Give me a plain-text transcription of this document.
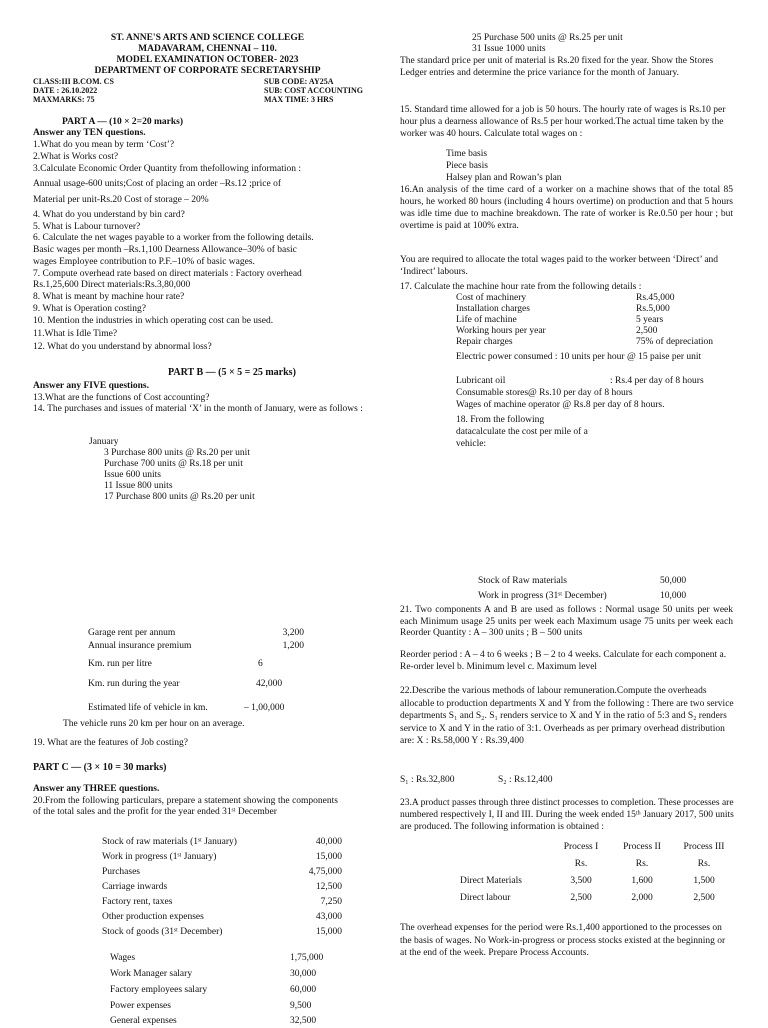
ST. ANNE'S ARTS AND SCIENCE COLLEGE
MADAVARAM, CHENNAI – 110.
MODEL EXAMINATION OCTOBER- 2023
DEPARTMENT OF CORPORATE SECRETARYSHIP
CLASS:III B.COM. CS	SUB CODE: AY25A
DATE : 26.10.2022	SUB: COST ACCOUNTING
MAXMARKS: 75	MAX TIME: 3 HRS
PART A — (10 × 2=20 marks)
Answer any TEN questions.
1.What do you mean by term ‘Cost’?
2.What is Works cost?
3.Calculate Economic Order Quantity from thefollowing information :
Annual usage-600 units;Cost of placing an order –Rs.12 ;price of
Material per unit-Rs.20 Cost of storage – 20%
4. What do you understand by bin card?
5. What is Labour turnover?
6. Calculate the net wages payable to a worker from the following details.
Basic wages per month –Rs.1,100 Dearness Allowance–30% of basic
wages Employee contribution to P.F.–10% of basic wages.
7. Compute overhead rate based on direct materials : Factory overhead
Rs.1,25,600 Direct materials:Rs.3,80,000
8. What is meant by machine hour rate?
9. What is Operation costing?
10. Mention the industries in which operating cost can be used.
11.What is Idle Time?
12. What do you understand by abnormal loss?
PART B — (5 × 5 = 25 marks)
Answer any FIVE questions.
13.What are the functions of Cost accounting?
14. The purchases and issues of material ‘X’ in the month of January, were as follows :
January
3 Purchase 800 units @ Rs.20 per unit
Purchase 700 units @ Rs.18 per unit
Issue 600 units
11 Issue 800 units
17 Purchase 800 units @ Rs.20 per unit
25 Purchase 500 units @ Rs.25 per unit
31 Issue 1000 units
The standard price per unit of material is Rs.20 fixed for the year. Show the Stores Ledger entries and determine the price variance for the month of January.
15. Standard time allowed for a job is 50 hours. The hourly rate of wages is Rs.10 per hour plus a dearness allowance of Rs.5 per hour worked.The actual time taken by the worker was 40 hours. Calculate total wages on :
Time basis
Piece basis
Halsey plan and Rowan’s plan
16.An analysis of the time card of a worker on a machine shows that of the total 85 hours, he worked 80 hours (including 4 hours overtime) on production and that 5 hours was idle time due to machine breakdown. The rate of worker is Re.0.50 per hour ; but overtime is paid at 100% extra.
You are required to allocate the total wages paid to the worker between ‘Direct’ and ‘Indirect’ labours.
17. Calculate the machine hour rate from the following details :
Cost of machinery	Rs.45,000
Installation charges	Rs.5,000
Life of machine	5 years
Working hours per year	2,500
Repair charges	75% of depreciation
Electric power consumed : 10 units per hour @ 15 paise per unit
Lubricant oil	: Rs.4 per day of 8 hours
Consumable stores@ Rs.10 per day of 8 hours
Wages of machine operator @ Rs.8 per day of 8 hours.
18. From the following
datacalculate the cost per mile of a
vehicle:
Garage rent per annum	3,200
Annual insurance premium	1,200
Km. run per litre	6
Km. run during the year	42,000
Estimated life of vehicle in km.	– 1,00,000
The vehicle runs 20 km per hour on an average.
19. What are the features of Job costing?
PART C — (3 × 10 = 30 marks)
Answer any THREE questions.
20.From the following particulars, prepare a statement showing the components of the total sales and the profit for the year ended 31ˢᵗ December
Stock of raw materials (1ˢᵗ January)	40,000
Work in progress (1ˢᵗ January)	15,000
Purchases	4,75,000
Carriage inwards	12,500
Factory rent, taxes	7,250
Other production expenses	43,000
Stock of goods (31ˢᵗ December)	15,000
Wages	1,75,000
Work Manager salary	30,000
Factory employees salary	60,000
Power expenses	9,500
General expenses	32,500
Stock of Raw materials	50,000
Work in progress (31ˢᵗ December)	10,000
21. Two components A and B are used as follows : Normal usage 50 units per week each Minimum usage 25 units per week each Maximum usage 75 units per week each Reorder Quantity : A – 300 units ; B – 500 units
Reorder period : A – 4 to 6 weeks ; B – 2 to 4 weeks. Calculate for each component a. Re-order level b. Minimum level c. Maximum level
22.Describe the various methods of labour remuneration.Compute the overheads allocable to production departments X and Y from the following : There are two service departments S₁ and S₂. S₁ renders service to X and Y in the ratio of 5:3 and S₂ renders service to X and Y in the ratio of 3:1. Overheads as per primary overhead distribution are: X : Rs.58,000 Y : Rs.39,400
S₁ : Rs.32,800	S₂ : Rs.12,400
23.A product passes through three distinct processes to completion. These processes are numbered respectively I, II and III. During the week ended 15ᵗʰ January 2017, 500 units are produced. The following information is obtained :
	Process I	Process II	Process III
	Rs.	Rs.	Rs.
Direct Materials	3,500	1,600	1,500
Direct labour	2,500	2,000	2,500
The overhead expenses for the period were Rs.1,400 apportioned to the processes on the basis of wages. No Work-in-progress or process stocks existed at the beginning or at the end of the week. Prepare Process Accounts.
